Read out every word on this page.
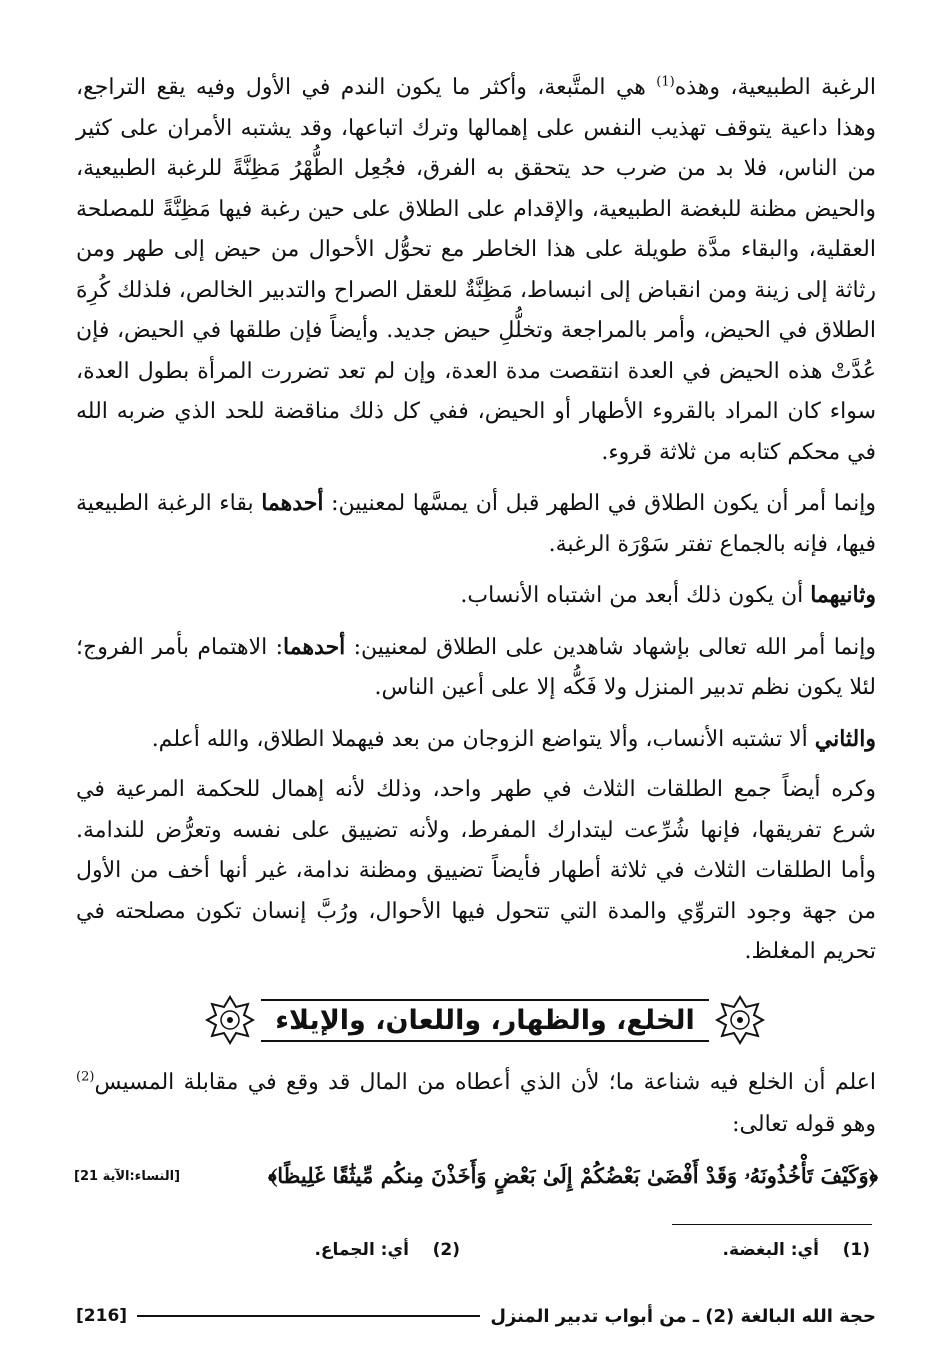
الرغبة الطبيعية، وهذه$^{(1)}$ هي المتَّبعة، وأكثر ما يكون الندم في الأول وفيه يقع التراجع، وهذا داعية يتوقف تهذيب النفس على إهمالها وترك اتباعها، وقد يشتبه الأمران على كثير من الناس، فلا بد من ضرب حد يتحقق به الفرق، فجُعِل الطُّهْرُ مَظِنَّةً للرغبة الطبيعية، والحيض مظنة للبغضة الطبيعية، والإقدام على الطلاق على حين رغبة فيها مَظِنَّةً للمصلحة العقلية، والبقاء مدَّة طويلة على هذا الخاطر مع تحوُّل الأحوال من حيض إلى طهر ومن رثاثة إلى زينة ومن انقباض إلى انبساط، مَظِنَّةٌ للعقل الصراح والتدبير الخالص، فلذلك كُرِهَ الطلاق في الحيض، وأمر بالمراجعة وتخلُّلِ حيض جديد. وأيضاً فإن طلقها في الحيض، فإن عُدَّتْ هذه الحيض في العدة انتقصت مدة العدة، وإن لم تعد تضررت المرأة بطول العدة، سواء كان المراد بالقروء الأطهار أو الحيض، ففي كل ذلك مناقضة للحد الذي ضربه الله في محكم كتابه من ثلاثة قروء.

وإنما أمر أن يكون الطلاق في الطهر قبل أن يمسَّها لمعنيين: أحدهما بقاء الرغبة الطبيعية فيها، فإنه بالجماع تفتر سَوْرَة الرغبة.

وثانيهما أن يكون ذلك أبعد من اشتباه الأنساب.

وإنما أمر الله تعالى بإشهاد شاهدين على الطلاق لمعنيين: أحدهما: الاهتمام بأمر الفروج؛ لئلا يكون نظم تدبير المنزل ولا فَكُّه إلا على أعين الناس.

والثاني ألا تشتبه الأنساب، وألا يتواضع الزوجان من بعد فيهملا الطلاق، والله أعلم.

وكره أيضاً جمع الطلقات الثلاث في طهر واحد، وذلك لأنه إهمال للحكمة المرعية في شرع تفريقها، فإنها شُرِّعت ليتدارك المفرط، ولأنه تضييق على نفسه وتعرُّض للندامة. وأما الطلقات الثلاث في ثلاثة أطهار فأيضاً تضييق ومظنة ندامة، غير أنها أخف من الأول من جهة وجود التروِّي والمدة التي تتحول فيها الأحوال، ورُبَّ إنسان تكون مصلحته في تحريم المغلظ.

الخلع، والظهار، واللعان، والإيلاء

اعلم أن الخلع فيه شناعة ما؛ لأن الذي أعطاه من المال قد وقع في مقابلة المسيس$^{(2)}$ وهو قوله تعالى:

﴿وَكَيْفَ تَأْخُذُونَهُۥ وَقَدْ أَفْضَىٰ بَعْضُكُمْ إِلَىٰ بَعْضٍ وَأَخَذْنَ مِنكُم مِّيثَٰقًا غَلِيظًا﴾
[النساء:الآية 21]
(1)    أي: البغضة.
(2)    أي: الجماع.
حجة الله البالغة (2) ـ من أبواب تدبير المنزل
[216]
